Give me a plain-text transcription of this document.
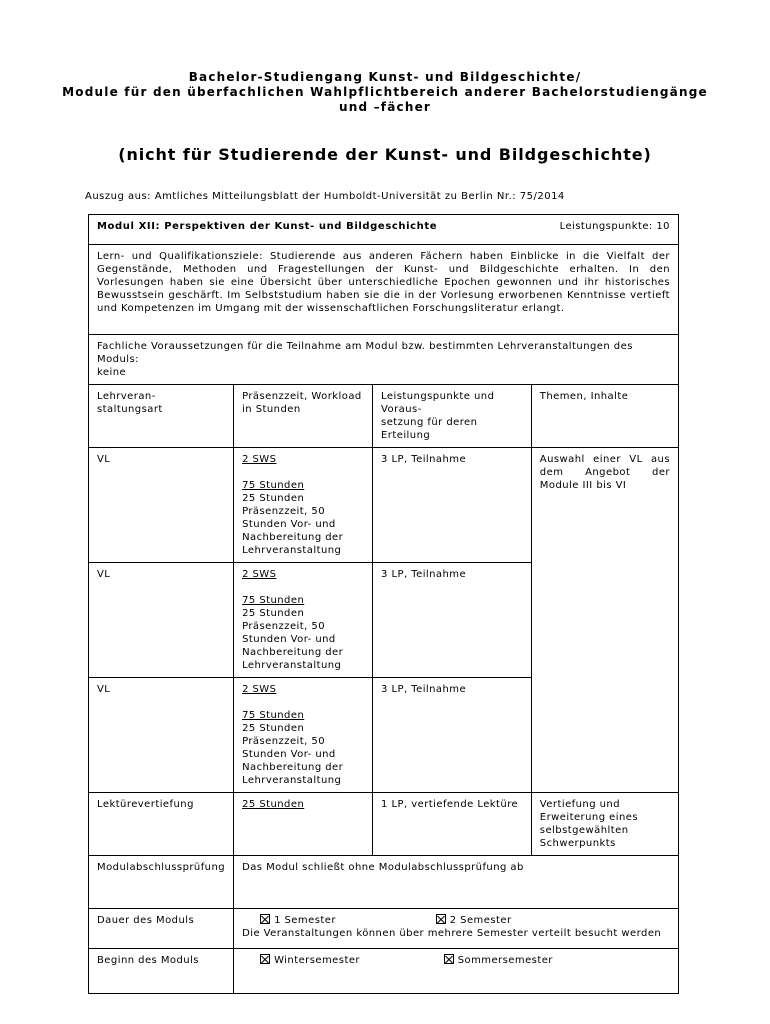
Bachelor-Studiengang Kunst- und Bildgeschichte/
Module für den überfachlichen Wahlpflichtbereich anderer Bachelorstudiengänge
und –fächer
(nicht für Studierende der Kunst- und Bildgeschichte)
Auszug aus: Amtliches Mitteilungsblatt der Humboldt-Universität zu Berlin Nr.: 75/2014
Modul XII: Perspektiven der Kunst- und Bildgeschichte Leistungspunkte: 10			

Lern- und Qualifikationsziele: Studierende aus anderen Fächern haben Einblicke in die Vielfalt der Gegenstände, Methoden und Fragestellungen der Kunst- und Bildgeschichte erhalten. In den Vorlesungen haben sie eine Übersicht über unterschiedliche Epochen gewonnen und ihr historisches Bewusstsein geschärft. Im Selbststudium haben sie die in der Vorlesung erworbenen Kenntnisse vertieft und Kompetenzen im Umgang mit der wissenschaftlichen Forschungsliteratur erlangt.			

Fachliche Voraussetzungen für die Teilnahme am Modul bzw. bestimmten Lehrveranstaltungen des Moduls:
keine			

Lehrveran-
staltungsart	Präsenzzeit, Workload in Stunden	Leistungspunkte und Voraus-
setzung für deren Erteilung	Themen, Inhalte
VL	2 SWS
75 Stunden
25 Stunden Präsenzzeit, 50 Stunden Vor- und Nachbereitung der Lehrveranstaltung	3 LP, Teilnahme	Auswahl einer VL aus dem Angebot der Module III bis VI
VL	2 SWS
75 Stunden
25 Stunden Präsenzzeit, 50 Stunden Vor- und Nachbereitung der Lehrveranstaltung	3 LP, Teilnahme	
VL	2 SWS
75 Stunden
25 Stunden Präsenzzeit, 50 Stunden Vor- und Nachbereitung der Lehrveranstaltung	3 LP, Teilnahme	
Lektürevertiefung	25 Stunden	1 LP, vertiefende Lektüre	Vertiefung und Erweiterung eines selbstgewählten Schwerpunkts
Modulabschlussprüfung	Das Modul schließt ohne Modulabschlussprüfung ab		
Dauer des Moduls	1 Semester 2 Semester
Die Veranstaltungen können über mehrere Semester verteilt besucht werden		

Beginn des Moduls	Wintersemester Sommersemester		
